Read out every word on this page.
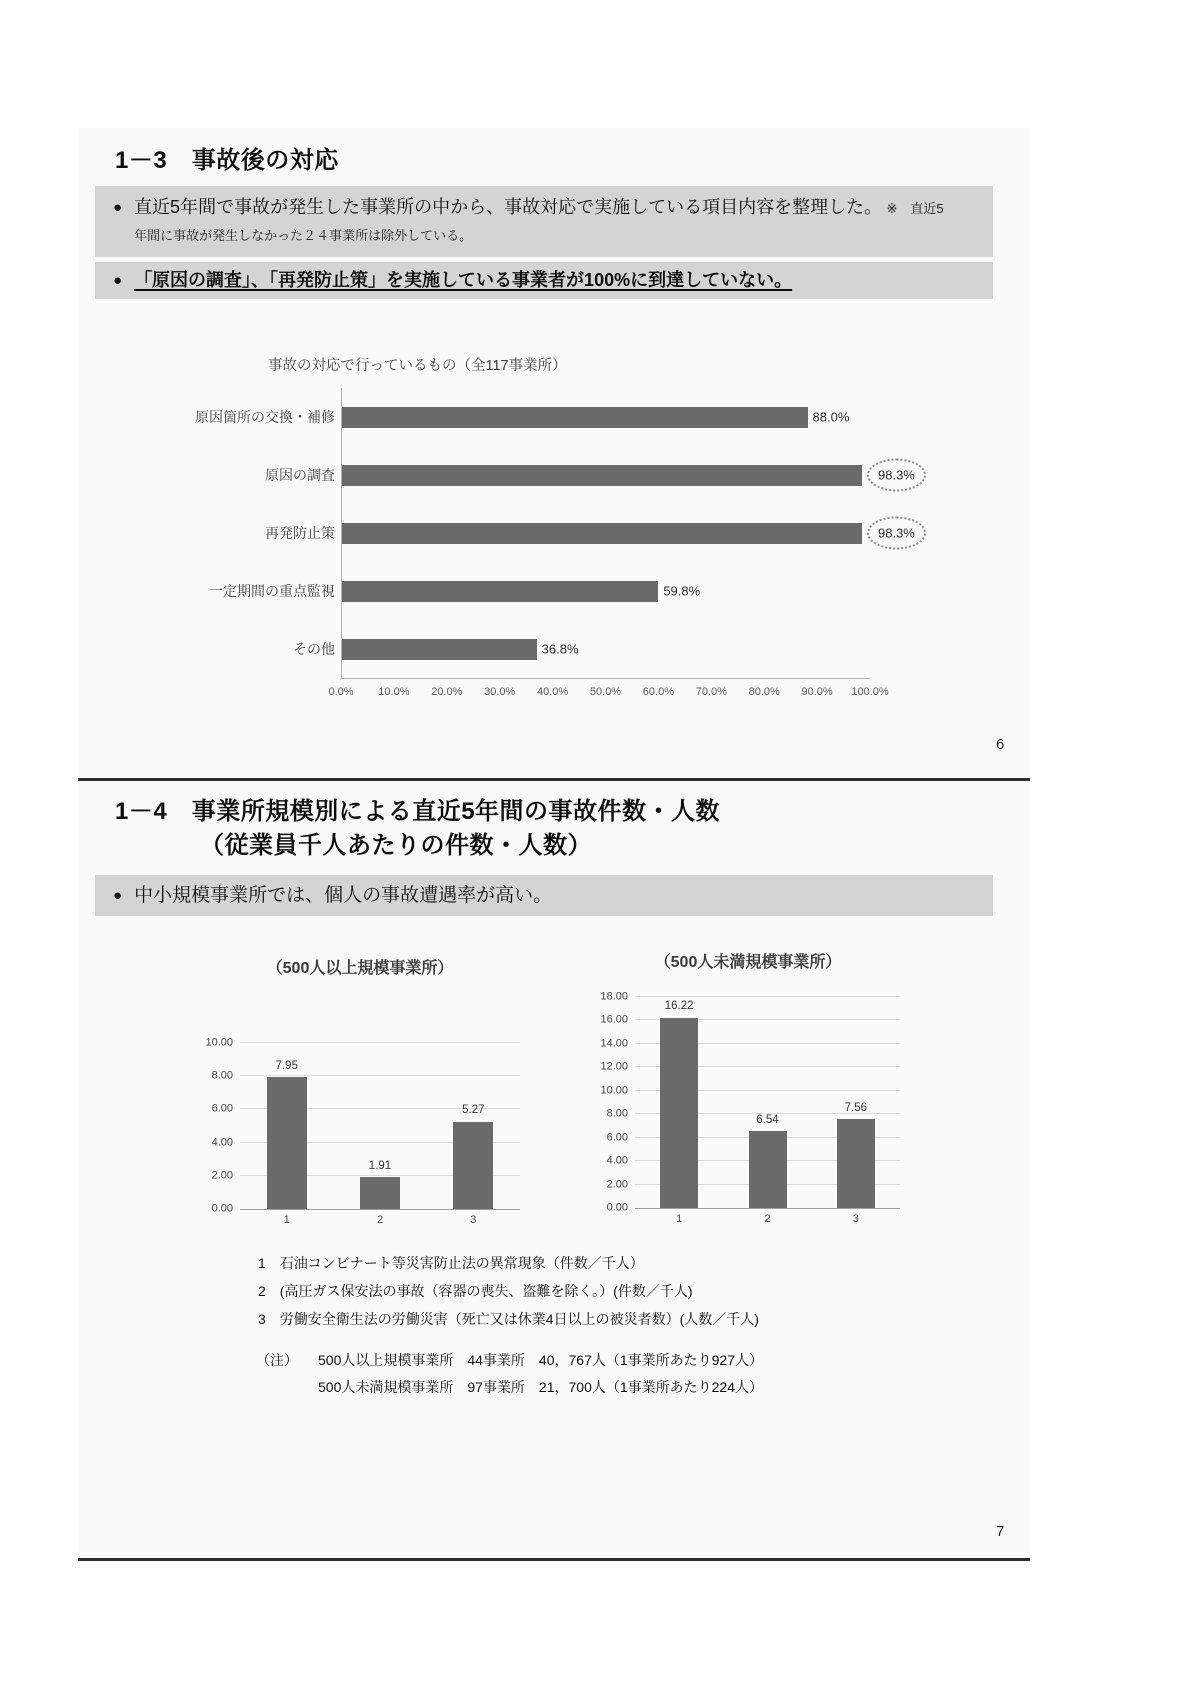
1－3　事故後の対応
● 直近5年間で事故が発生した事業所の中から、事故対応で実施している項目内容を整理した。 ※　直近5年間に事故が発生しなかった２４事業所は除外している。
● 「原因の調査」、「再発防止策」を実施している事業者が100%に到達していない。
事故の対応で行っているもの（全117事業所）
原因箇所の交換・補修	88.0%
原因の調査	98.3%
再発防止策	98.3%
一定期間の重点監視	59.8%
その他	36.8%
0.0% 10.0% 20.0% 30.0% 40.0% 50.0% 60.0% 70.0% 80.0% 90.0% 100.0%
6
1－4　事業所規模別による直近5年間の事故件数・人数
（従業員千人あたりの件数・人数）
● 中小規模事業所では、個人の事故遭遇率が高い。
（500人以上規模事業所）	（500人未満規模事業所）
0.00
2.00
4.00
6.00
8.00
10.00
7.95
1
1.91
2
5.27
3
0.00
2.00
4.00
6.00
8.00
10.00
12.00
14.00
16.00
18.00
16.22
1
6.54
2
7.56
3
1　石油コンビナート等災害防止法の異常現象（件数／千人）
2　(高圧ガス保安法の事故（容器の喪失、盗難を除く。）(件数／千人)
3　労働安全衛生法の労働災害（死亡又は休業4日以上の被災者数）(人数／千人)
（注）	500人以上規模事業所　44事業所　40，767人（1事業所あたり927人）
500人未満規模事業所　97事業所　21，700人（1事業所あたり224人）
7
